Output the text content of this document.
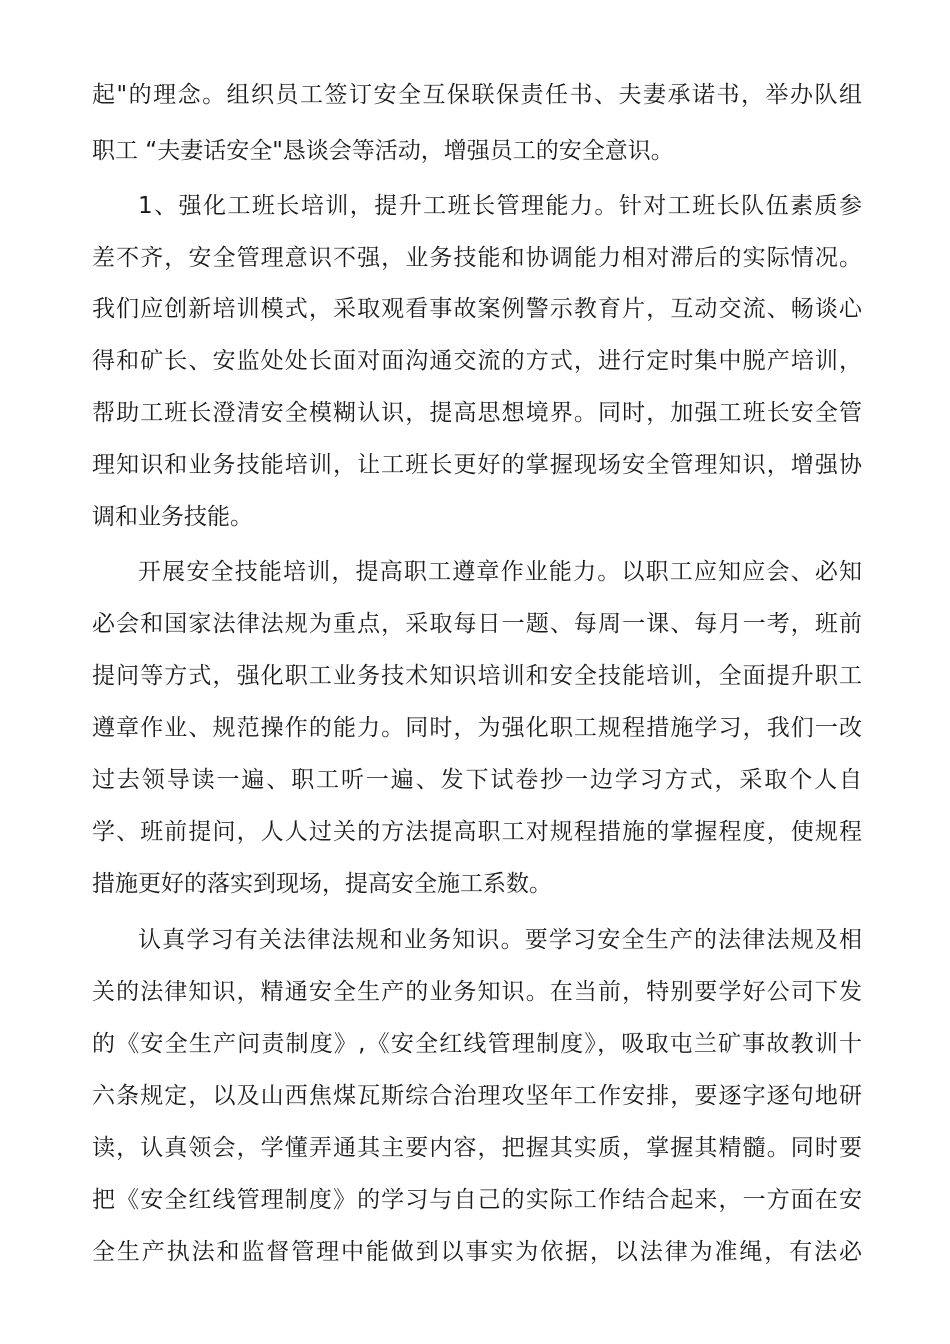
起"的理念。组织员工签订安全互保联保责任书、夫妻承诺书，举办队组
职工 “夫妻话安全"恳谈会等活动，增强员工的安全意识。
1、强化工班长培训，提升工班长管理能力。针对工班长队伍素质参
差不齐，安全管理意识不强，业务技能和协调能力相对滞后的实际情况。
我们应创新培训模式，采取观看事故案例警示教育片，互动交流、畅谈心
得和矿长、安监处处长面对面沟通交流的方式，进行定时集中脱产培训，
帮助工班长澄清安全模糊认识，提高思想境界。同时，加强工班长安全管
理知识和业务技能培训，让工班长更好的掌握现场安全管理知识，增强协
调和业务技能。
开展安全技能培训，提高职工遵章作业能力。以职工应知应会、必知
必会和国家法律法规为重点，采取每日一题、每周一课、每月一考，班前
提问等方式，强化职工业务技术知识培训和安全技能培训，全面提升职工
遵章作业、规范操作的能力。同时，为强化职工规程措施学习，我们一改
过去领导读一遍、职工听一遍、发下试卷抄一边学习方式，采取个人自
学、班前提问，人人过关的方法提高职工对规程措施的掌握程度，使规程
措施更好的落实到现场，提高安全施工系数。
认真学习有关法律法规和业务知识。要学习安全生产的法律法规及相
关的法律知识，精通安全生产的业务知识。在当前，特别要学好公司下发
的《安全生产问责制度》,《安全红线管理制度》，吸取屯兰矿事故教训十
六条规定，以及山西焦煤瓦斯综合治理攻坚年工作安排，要逐字逐句地研
读，认真领会，学懂弄通其主要内容，把握其实质，掌握其精髓。同时要
把《安全红线管理制度》的学习与自己的实际工作结合起来，一方面在安
全生产执法和监督管理中能做到以事实为依据，以法律为准绳，有法必
